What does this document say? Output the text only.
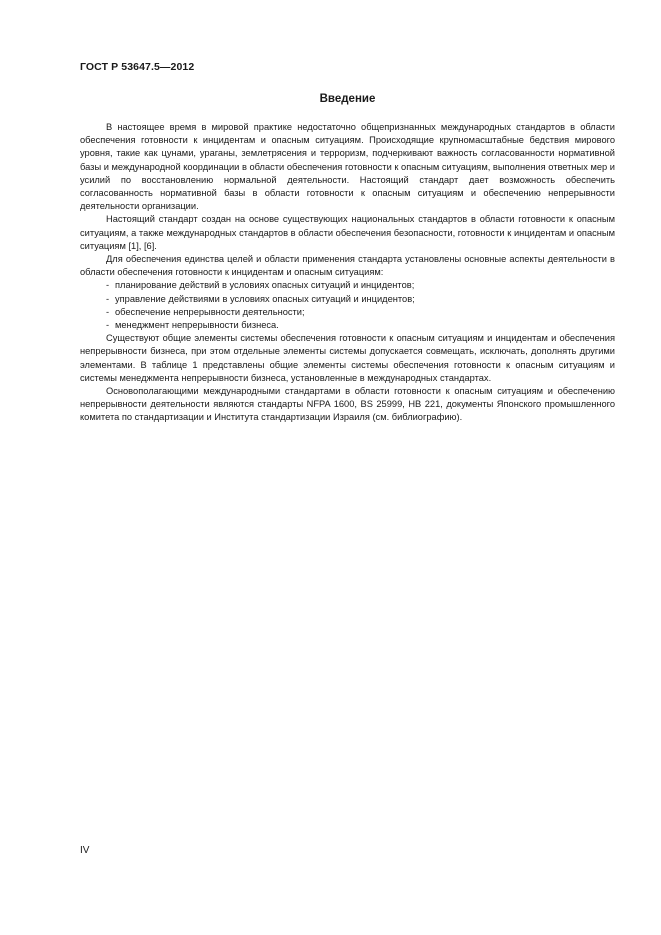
ГОСТ Р 53647.5—2012
Введение

В настоящее время в мировой практике недостаточно общепризнанных международных стандартов в области обеспечения готовности к инцидентам и опасным ситуациям. Происходящие крупномасштабные бедствия мирового уровня, такие как цунами, ураганы, землетрясения и терроризм, подчеркивают важность согласованности нормативной базы и международной координации в области обеспечения готовности к опасным ситуациям, выполнения ответных мер и усилий по восстановлению нормальной деятельности. Настоящий стандарт дает возможность обеспечить согласованность нормативной базы в области готовности к опасным ситуациям и обеспечению непрерывности деятельности организации.

Настоящий стандарт создан на основе существующих национальных стандартов в области готовности к опасным ситуациям, а также международных стандартов в области обеспечения безопасности, готовности к инцидентам и опасным ситуациям [1], [6].

Для обеспечения единства целей и области применения стандарта установлены основные аспекты деятельности в области обеспечения готовности к инцидентам и опасным ситуациям:

- планирование действий в условиях опасных ситуаций и инцидентов;
- управление действиями в условиях опасных ситуаций и инцидентов;
- обеспечение непрерывности деятельности;
- менеджмент непрерывности бизнеса.

Существуют общие элементы системы обеспечения готовности к опасным ситуациям и инцидентам и обеспечения непрерывности бизнеса, при этом отдельные элементы системы допускается совмещать, исключать, дополнять другими элементами. В таблице 1 представлены общие элементы системы обеспечения готовности к опасным ситуациям и системы менеджмента непрерывности бизнеса, установленные в международных стандартах.

Основополагающими международными стандартами в области готовности к опасным ситуациям и обеспечению непрерывности деятельности являются стандарты NFPA 1600, BS 25999, HB 221, документы Японского промышленного комитета по стандартизации и Института стандартизации Израиля (см. библиографию).

IV
